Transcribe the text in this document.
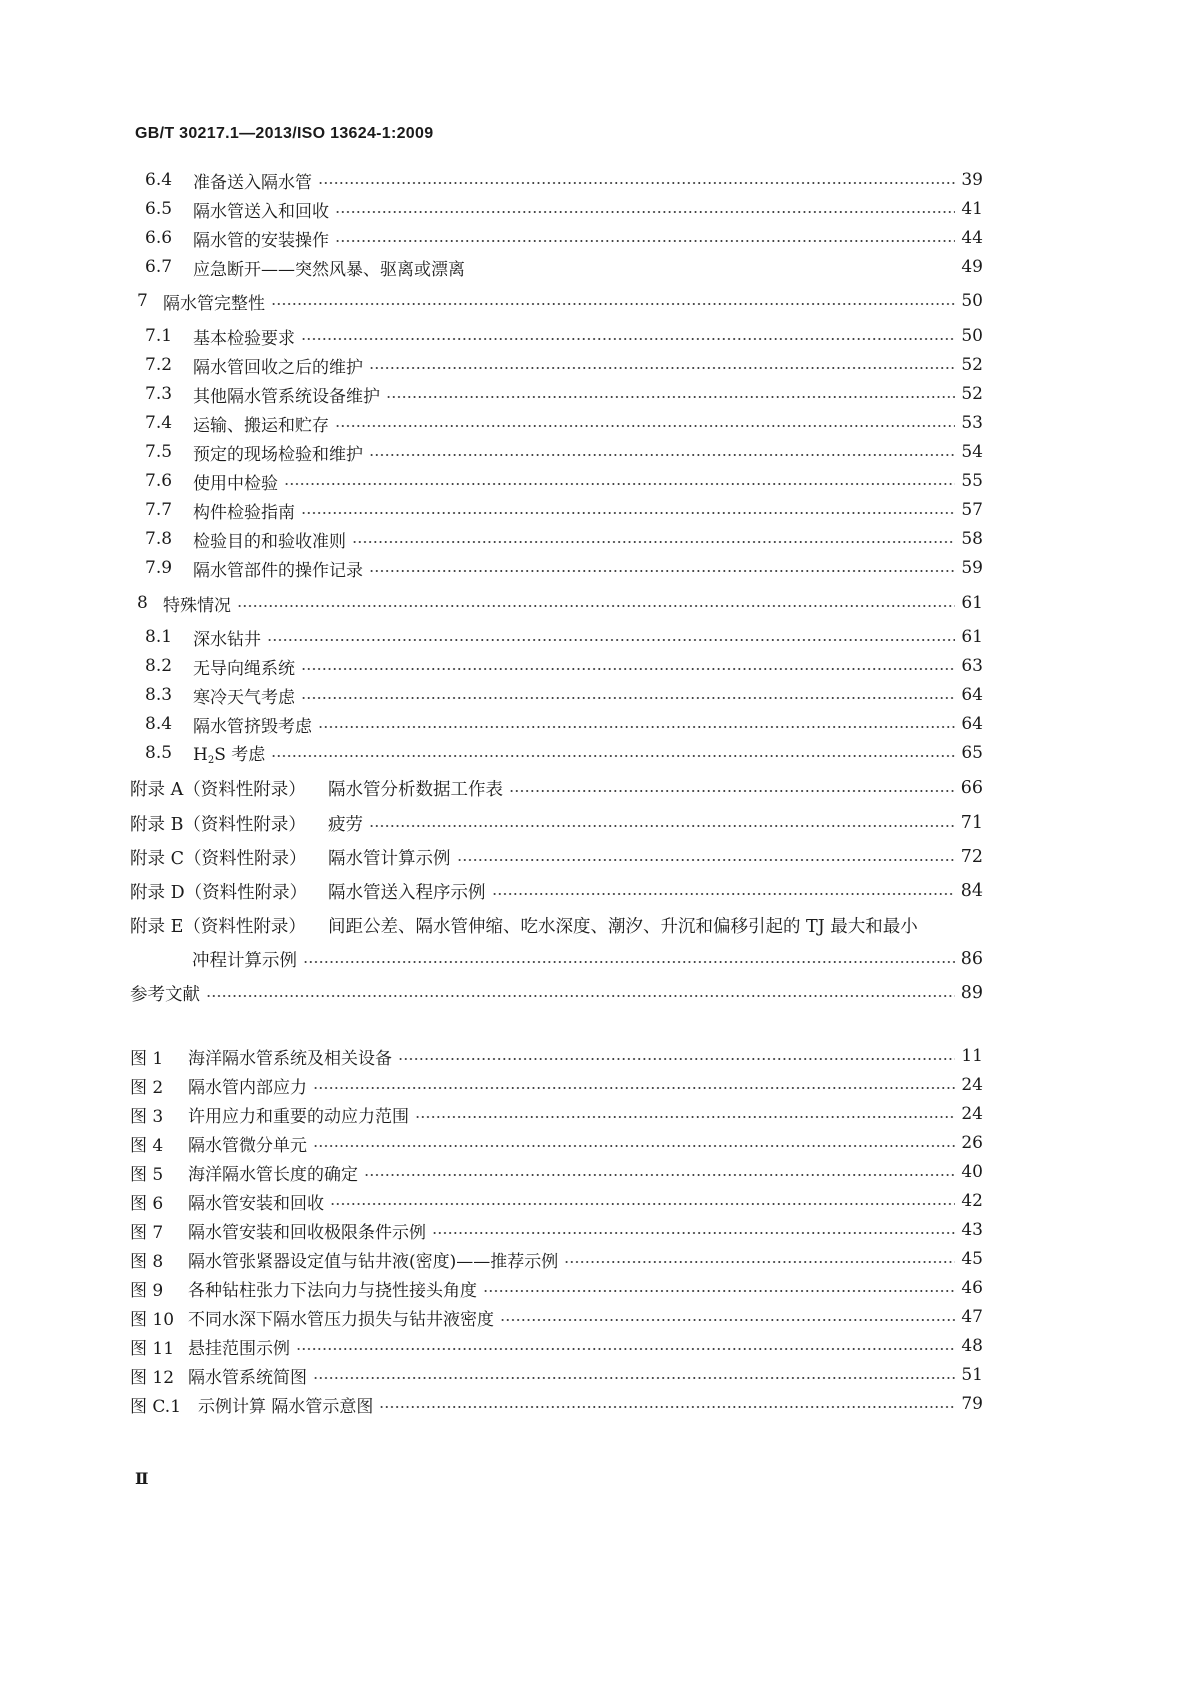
GB/T 30217.1—2013/ISO 13624-1:2009
6.4	准备送入隔水管	39
6.5	隔水管送入和回收	41
6.6	隔水管的安装操作	44
6.7	应急断开——突然风暴、驱离或漂离	49
7 隔水管完整性	50
7.1	基本检验要求	50
7.2	隔水管回收之后的维护	52
7.3	其他隔水管系统设备维护	52
7.4	运输、搬运和贮存	53
7.5	预定的现场检验和维护	54
7.6	使用中检验	55
7.7	构件检验指南	57
7.8	检验目的和验收准则	58
7.9	隔水管部件的操作记录	59
8 特殊情况	61
8.1	深水钻井	61
8.2	无导向绳系统	63
8.3	寒冷天气考虑	64
8.4	隔水管挤毁考虑	64
8.5	H2S 考虑	65
附录 A（资料性附录）	隔水管分析数据工作表	66
附录 B（资料性附录）	疲劳	71
附录 C（资料性附录）	隔水管计算示例	72
附录 D（资料性附录）	隔水管送入程序示例	84
附录 E（资料性附录）	间距公差、隔水管伸缩、吃水深度、潮汐、升沉和偏移引起的 TJ 最大和最小
冲程计算示例	86
参考文献	89
图 1	海洋隔水管系统及相关设备	11
图 2	隔水管内部应力	24
图 3	许用应力和重要的动应力范围	24
图 4	隔水管微分单元	26
图 5	海洋隔水管长度的确定	40
图 6	隔水管安装和回收	42
图 7	隔水管安装和回收极限条件示例	43
图 8	隔水管张紧器设定值与钻井液(密度)——推荐示例	45
图 9	各种钻柱张力下法向力与挠性接头角度	46
图 10 不同水深下隔水管压力损失与钻井液密度	47
图 11 悬挂范围示例	48
图 12 隔水管系统简图	51
图 C.1 示例计算 隔水管示意图	79
Ⅱ
